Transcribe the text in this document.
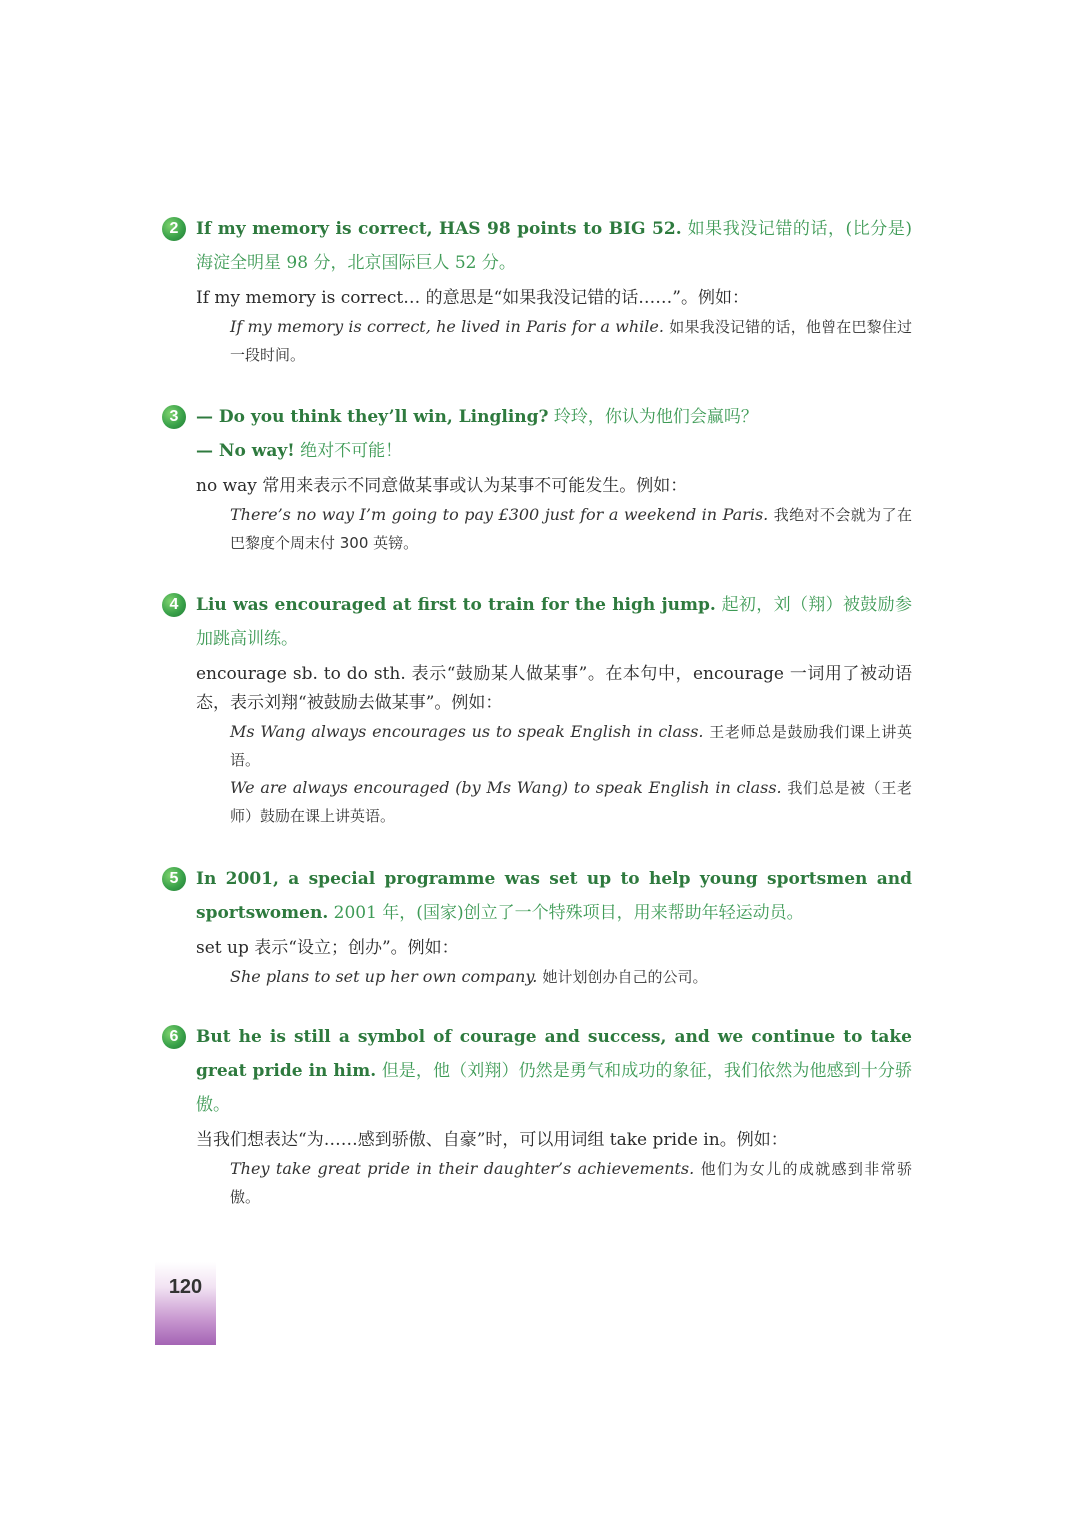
2	If my memory is correct, HAS 98 points to BIG 52. 如果我没记错的话，(比分是)海淀全明星 98 分，北京国际巨人 52 分。
If my memory is correct… 的意思是“如果我没记错的话……”。例如：
If my memory is correct, he lived in Paris for a while. 如果我没记错的话，他曾在巴黎住过一段时间。
3	— Do you think they’ll win, Lingling? 玲玲，你认为他们会赢吗？
— No way! 绝对不可能！
no way 常用来表示不同意做某事或认为某事不可能发生。例如：
There’s no way I’m going to pay £300 just for a weekend in Paris. 我绝对不会就为了在巴黎度个周末付 300 英镑。
4	Liu was encouraged at first to train for the high jump. 起初，刘（翔）被鼓励参加跳高训练。
encourage sb. to do sth. 表示“鼓励某人做某事”。在本句中，encourage 一词用了被动语态，表示刘翔“被鼓励去做某事”。例如：
Ms Wang always encourages us to speak English in class. 王老师总是鼓励我们课上讲英语。
We are always encouraged (by Ms Wang) to speak English in class. 我们总是被（王老师）鼓励在课上讲英语。
5	In 2001, a special programme was set up to help young sportsmen and sportswomen. 2001 年，(国家)创立了一个特殊项目，用来帮助年轻运动员。
set up 表示“设立；创办”。例如：
She plans to set up her own company. 她计划创办自己的公司。
6	But he is still a symbol of courage and success, and we continue to take great pride in him. 但是，他（刘翔）仍然是勇气和成功的象征，我们依然为他感到十分骄傲。
当我们想表达“为……感到骄傲、自豪”时，可以用词组 take pride in。例如：
They take great pride in their daughter’s achievements. 他们为女儿的成就感到非常骄傲。
120
